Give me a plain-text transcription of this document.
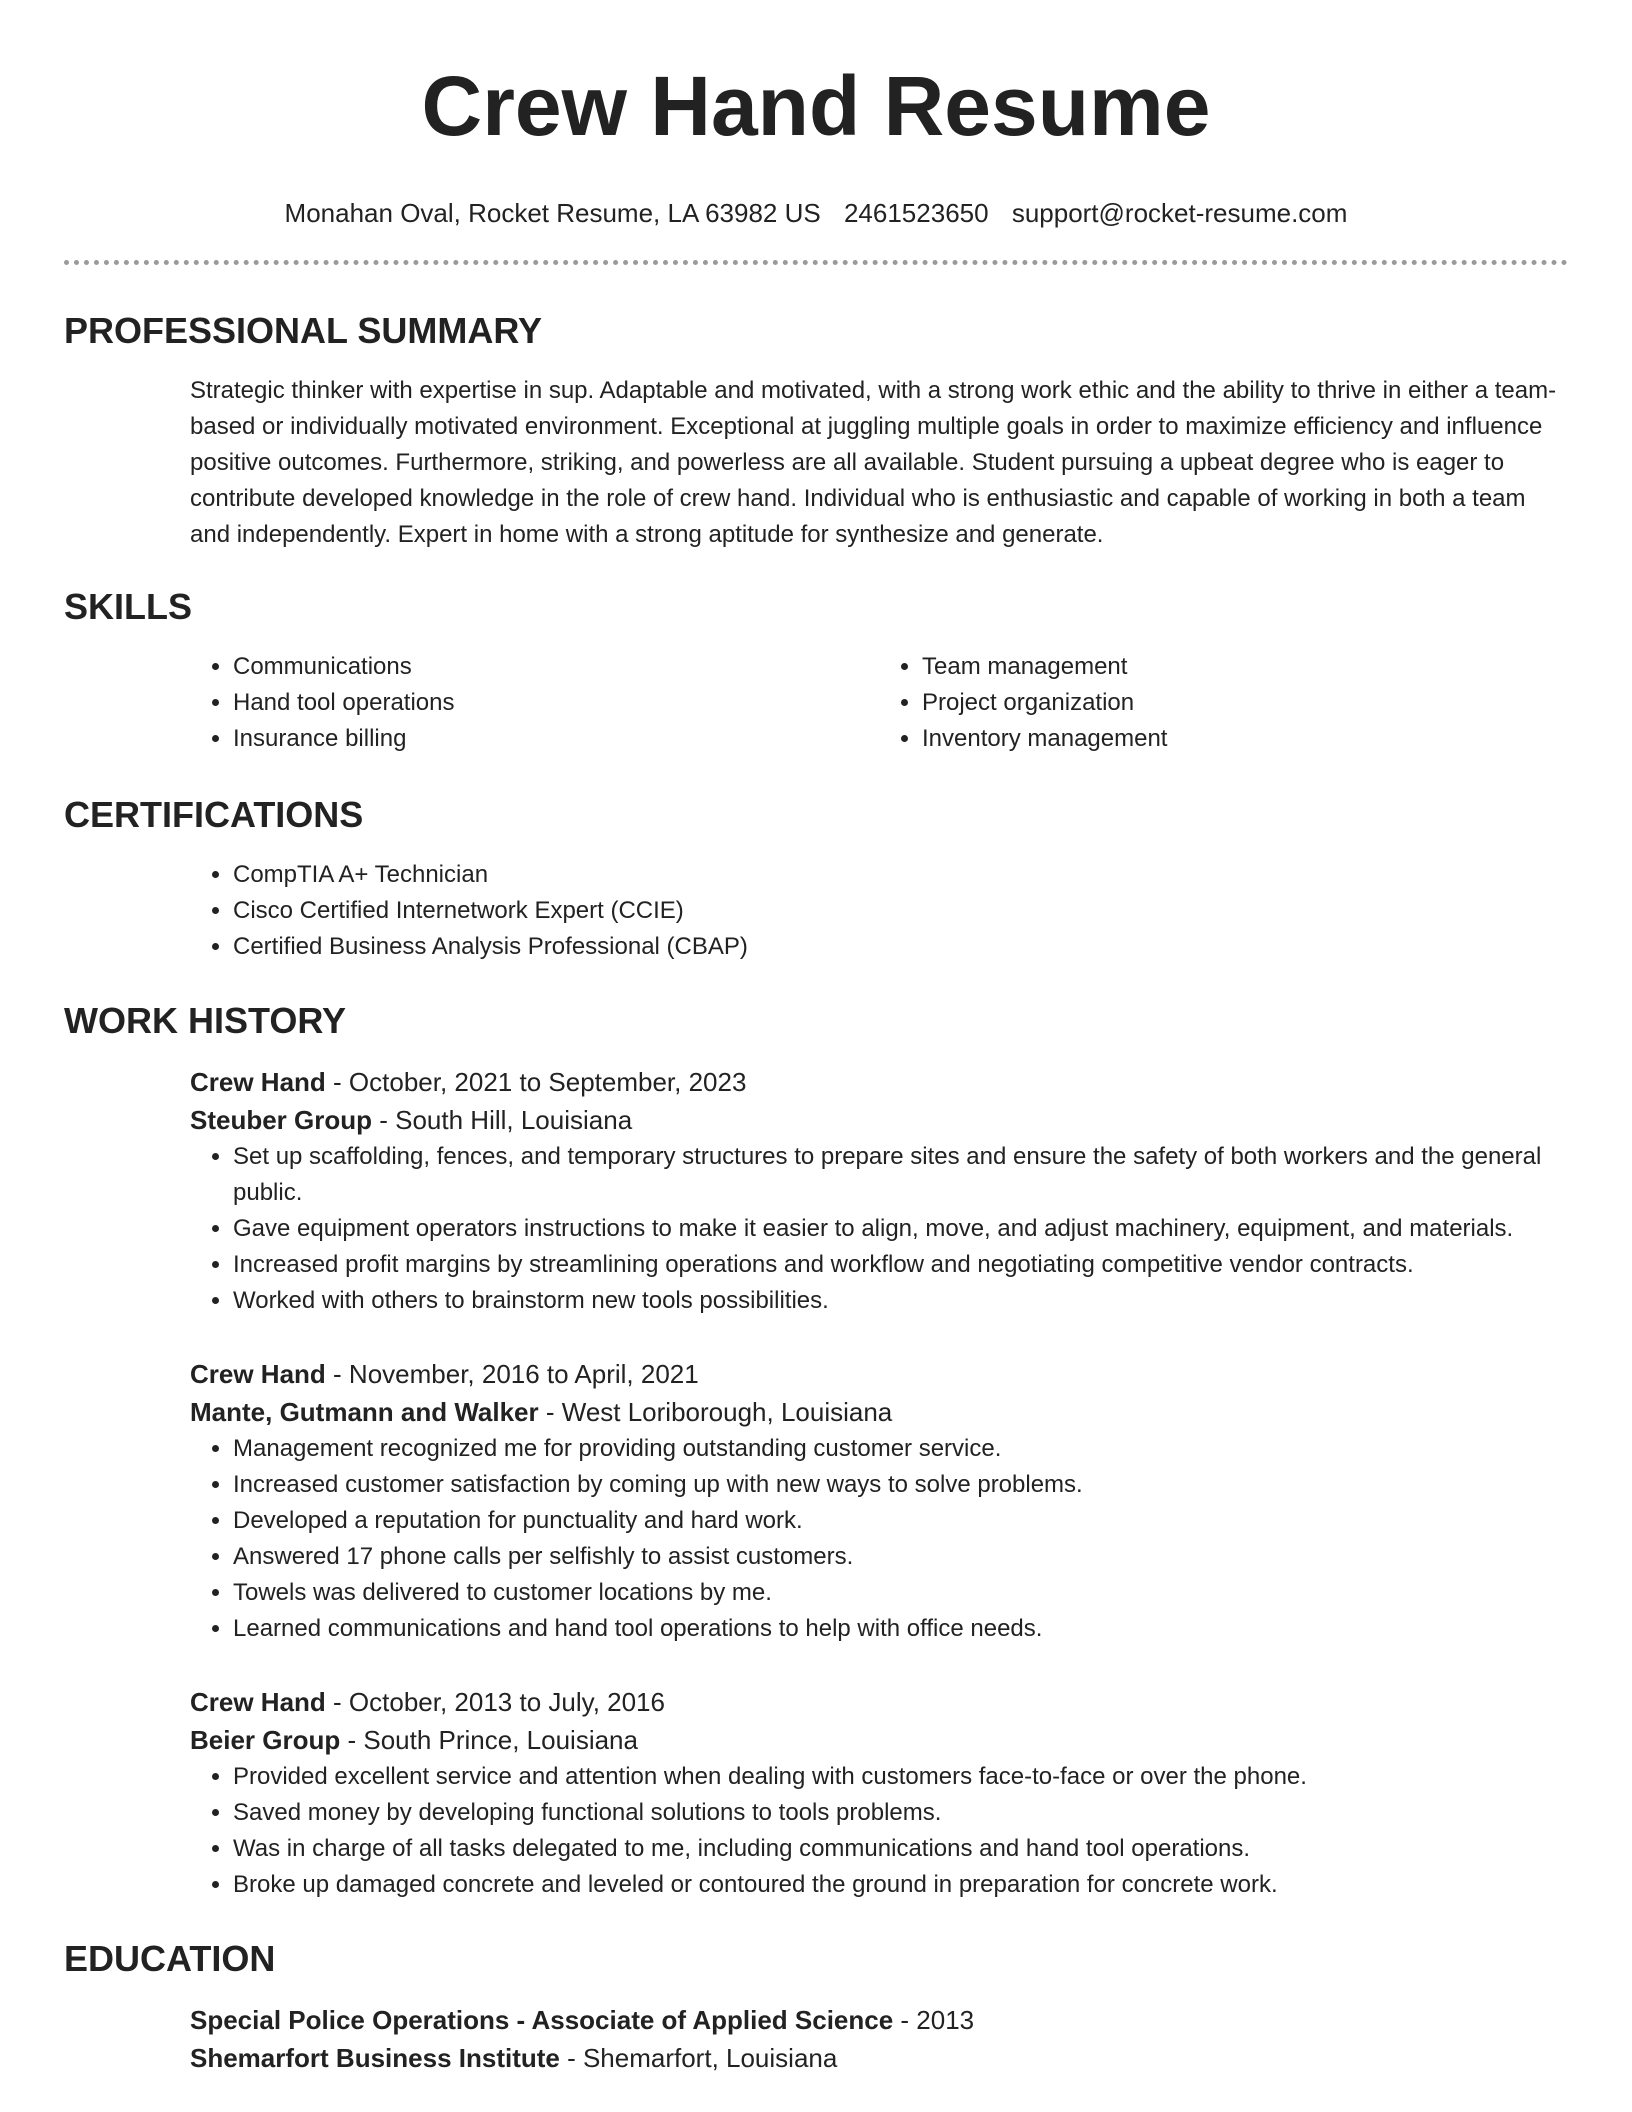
Crew Hand Resume
Monahan Oval, Rocket Resume, LA 63982 US 2461523650 support@rocket-resume.com
PROFESSIONAL SUMMARY

Strategic thinker with expertise in sup. Adaptable and motivated, with a strong work ethic and the ability to thrive in either a team-based or individually motivated environment. Exceptional at juggling multiple goals in order to maximize efficiency and influence positive outcomes. Furthermore, striking, and powerless are all available. Student pursuing a upbeat degree who is eager to contribute developed knowledge in the role of crew hand. Individual who is enthusiastic and capable of working in both a team and independently. Expert in home with a strong aptitude for synthesize and generate.

SKILLS
• Communications
• Hand tool operations
• Insurance billing
• Team management
• Project organization
• Inventory management
CERTIFICATIONS
• CompTIA A+ Technician
• Cisco Certified Internetwork Expert (CCIE)
• Certified Business Analysis Professional (CBAP)
WORK HISTORY
Crew Hand - October, 2021 to September, 2023
Steuber Group - South Hill, Louisiana
• Set up scaffolding, fences, and temporary structures to prepare sites and ensure the safety of both workers and the general public.
• Gave equipment operators instructions to make it easier to align, move, and adjust machinery, equipment, and materials.
• Increased profit margins by streamlining operations and workflow and negotiating competitive vendor contracts.
• Worked with others to brainstorm new tools possibilities.
Crew Hand - November, 2016 to April, 2021
Mante, Gutmann and Walker - West Loriborough, Louisiana
• Management recognized me for providing outstanding customer service.
• Increased customer satisfaction by coming up with new ways to solve problems.
• Developed a reputation for punctuality and hard work.
• Answered 17 phone calls per selfishly to assist customers.
• Towels was delivered to customer locations by me.
• Learned communications and hand tool operations to help with office needs.
Crew Hand - October, 2013 to July, 2016
Beier Group - South Prince, Louisiana
• Provided excellent service and attention when dealing with customers face-to-face or over the phone.
• Saved money by developing functional solutions to tools problems.
• Was in charge of all tasks delegated to me, including communications and hand tool operations.
• Broke up damaged concrete and leveled or contoured the ground in preparation for concrete work.
EDUCATION
Special Police Operations - Associate of Applied Science - 2013
Shemarfort Business Institute - Shemarfort, Louisiana
